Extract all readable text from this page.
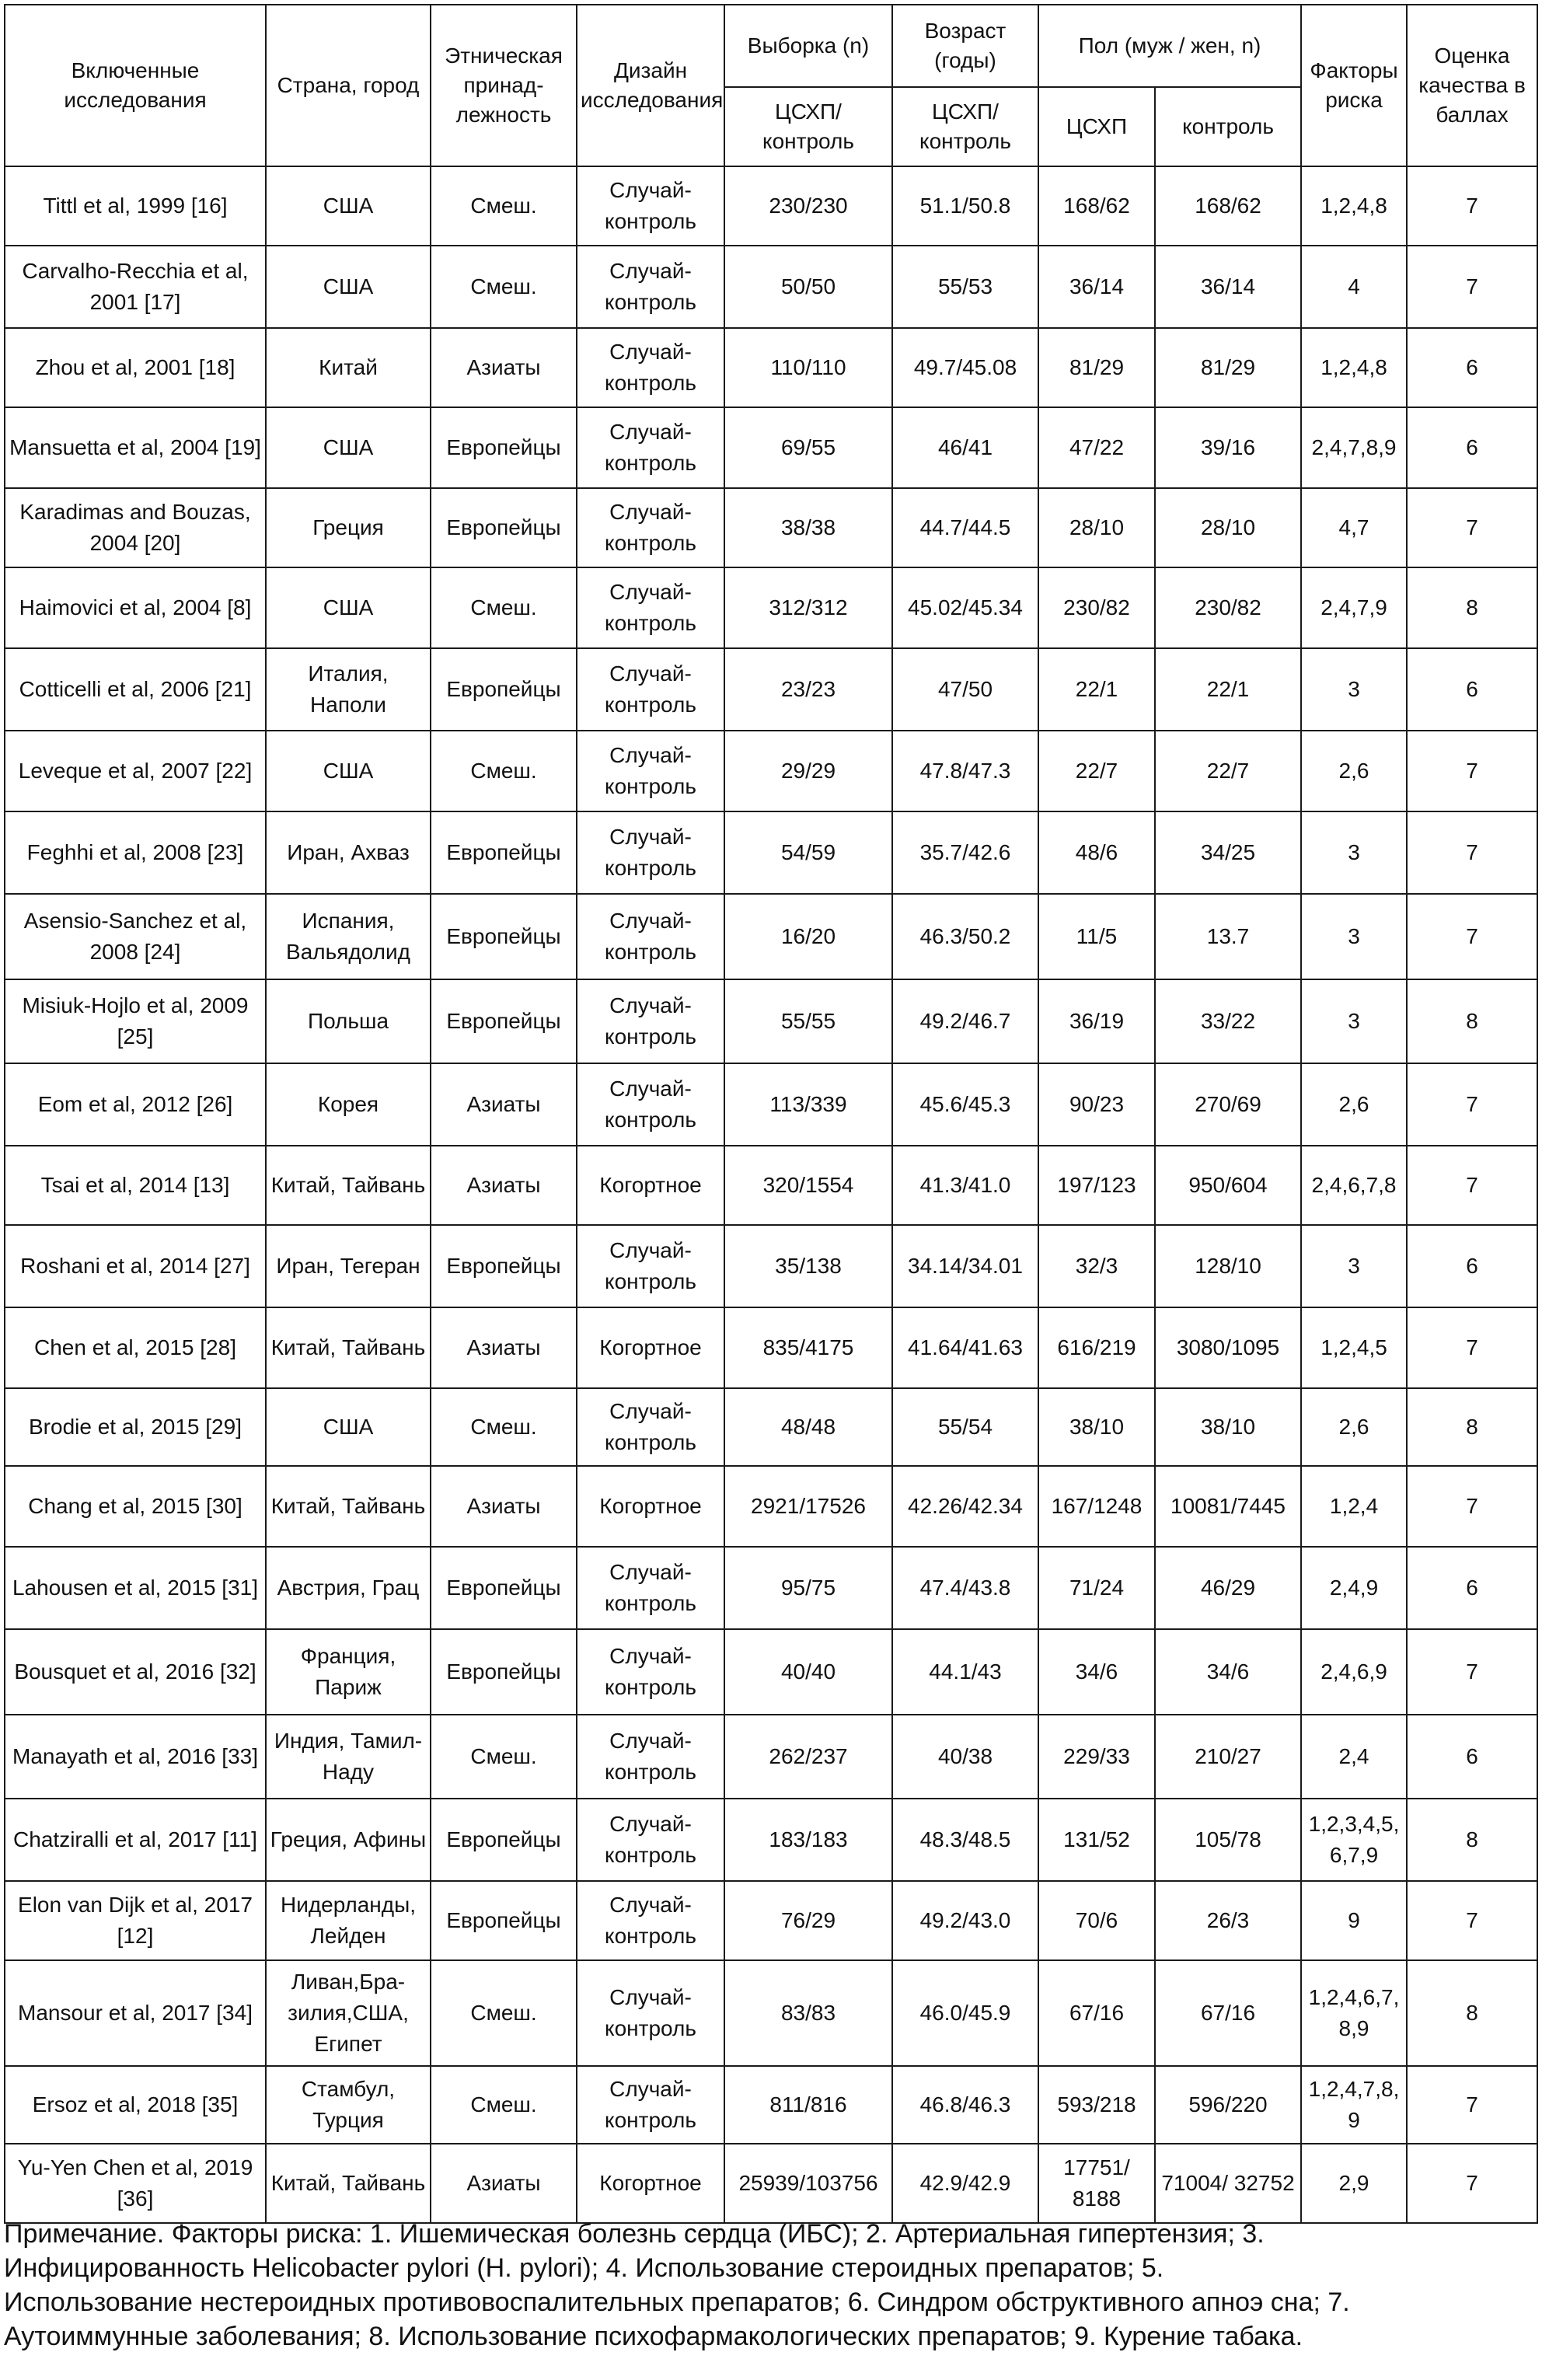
Включенные исследования	Страна, город	Этническая принад-лежность	Дизайн исследования	Выборка (n)	Возраст (годы)	Пол (муж / жен, n)		Факторы риска	Оценка качества в баллах
				ЦСХП/ контроль	ЦСХП/ контроль	ЦСХП	контроль		
Tittl et al, 1999 [16]	США	Смеш.	Случай-контроль	230/230	51.1/50.8	168/62	168/62	1,2,4,8	7
Carvalho-Recchia et al, 2001 [17]	США	Смеш.	Случай-контроль	50/50	55/53	36/14	36/14	4	7
Zhou et al, 2001 [18]	Китай	Азиаты	Случай-контроль	110/110	49.7/45.08	81/29	81/29	1,2,4,8	6
Mansuetta et al, 2004 [19]	США	Европейцы	Случай-контроль	69/55	46/41	47/22	39/16	2,4,7,8,9	6
Karadimas and Bouzas, 2004 [20]	Греция	Европейцы	Случай-контроль	38/38	44.7/44.5	28/10	28/10	4,7	7
Haimovici et al, 2004 [8]	США	Смеш.	Случай-контроль	312/312	45.02/45.34	230/82	230/82	2,4,7,9	8
Cotticelli et al, 2006 [21]	Италия, Наполи	Европейцы	Случай-контроль	23/23	47/50	22/1	22/1	3	6
Leveque et al, 2007 [22]	США	Смеш.	Случай-контроль	29/29	47.8/47.3	22/7	22/7	2,6	7
Feghhi et al, 2008 [23]	Иран, Ахваз	Европейцы	Случай-контроль	54/59	35.7/42.6	48/6	34/25	3	7
Asensio-Sanchez et al, 2008 [24]	Испания, Вальядолид	Европейцы	Случай-контроль	16/20	46.3/50.2	11/5	13.7	3	7
Misiuk-Hojlo et al, 2009 [25]	Польша	Европейцы	Случай-контроль	55/55	49.2/46.7	36/19	33/22	3	8
Eom et al, 2012 [26]	Корея	Азиаты	Случай-контроль	113/339	45.6/45.3	90/23	270/69	2,6	7
Tsai et al, 2014 [13]	Китай, Тайвань	Азиаты	Когортное	320/1554	41.3/41.0	197/123	950/604	2,4,6,7,8	7
Roshani et al, 2014 [27]	Иран, Тегеран	Европейцы	Случай-контроль	35/138	34.14/34.01	32/3	128/10	3	6
Chen et al, 2015 [28]	Китай, Тайвань	Азиаты	Когортное	835/4175	41.64/41.63	616/219	3080/1095	1,2,4,5	7
Brodie et al, 2015 [29]	США	Смеш.	Случай-контроль	48/48	55/54	38/10	38/10	2,6	8
Chang et al, 2015 [30]	Китай, Тайвань	Азиаты	Когортное	2921/17526	42.26/42.34	167/1248	10081/7445	1,2,4	7
Lahousen et al, 2015 [31]	Австрия, Грац	Европейцы	Случай-контроль	95/75	47.4/43.8	71/24	46/29	2,4,9	6
Bousquet et al, 2016 [32]	Франция, Париж	Европейцы	Случай-контроль	40/40	44.1/43	34/6	34/6	2,4,6,9	7
Manayath et al, 2016 [33]	Индия, Тамил-Наду	Смеш.	Случай-контроль	262/237	40/38	229/33	210/27	2,4	6
Chatziralli et al, 2017 [11]	Греция, Афины	Европейцы	Случай-контроль	183/183	48.3/48.5	131/52	105/78	1,2,3,4,5, 6,7,9	8
Elon van Dijk et al, 2017 [12]	Нидерланды, Лейден	Европейцы	Случай-контроль	76/29	49.2/43.0	70/6	26/3	9	7
Mansour et al, 2017 [34]	Ливан,Бра-зилия,США, Египет	Смеш.	Случай-контроль	83/83	46.0/45.9	67/16	67/16	1,2,4,6,7, 8,9	8
Ersoz et al, 2018 [35]	Стамбул, Турция	Смеш.	Случай-контроль	811/816	46.8/46.3	593/218	596/220	1,2,4,7,8, 9	7
Yu-Yen Chen et al, 2019 [36]	Китай, Тайвань	Азиаты	Когортное	25939/103756	42.9/42.9	17751/ 8188	71004/ 32752	2,9	7
Примечание. Факторы риска: 1. Ишемическая болезнь сердца (ИБС); 2. Артериальная гипертензия; 3.
Инфицированность Helicobacter pylori (H. pylori); 4. Использование стероидных препаратов; 5.
Использование нестероидных противовоспалительных препаратов; 6. Синдром обструктивного апноэ сна; 7.
Аутоиммунные заболевания; 8. Использование психофармакологических препаратов; 9. Курение табака.
